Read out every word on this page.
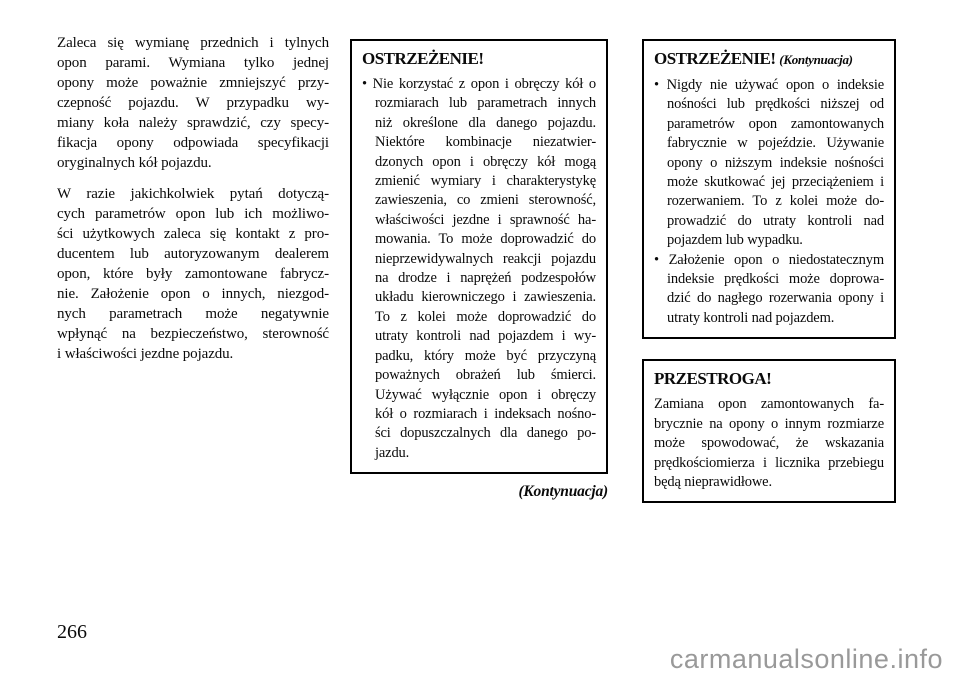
Zaleca się wymianę przednich i tylnych
opon parami. Wymiana tylko jednej
opony może poważnie zmniejszyć przy-
czepność pojazdu. W przypadku wy-
miany koła należy sprawdzić, czy specy-
fikacja opony odpowiada specyfikacji
oryginalnych kół pojazdu.
W razie jakichkolwiek pytań dotyczą-
cych parametrów opon lub ich możliwo-
ści użytkowych zaleca się kontakt z pro-
ducentem lub autoryzowanym dealerem
opon, które były zamontowane fabrycz-
nie. Założenie opon o innych, niezgod-
nych parametrach może negatywnie
wpłynąć na bezpieczeństwo, sterowność
i właściwości jezdne pojazdu.
OSTRZEŻENIE!
• Nie korzystać z opon i obręczy kół o
rozmiarach lub parametrach innych
niż określone dla danego pojazdu.
Niektóre kombinacje niezatwier-
dzonych opon i obręczy kół mogą
zmienić wymiary i charakterystykę
zawieszenia, co zmieni sterowność,
właściwości jezdne i sprawność ha-
mowania. To może doprowadzić do
nieprzewidywalnych reakcji pojazdu
na drodze i naprężeń podzespołów
układu kierowniczego i zawieszenia.
To z kolei może doprowadzić do
utraty kontroli nad pojazdem i wy-
padku, który może być przyczyną
poważnych obrażeń lub śmierci.
Używać wyłącznie opon i obręczy
kół o rozmiarach i indeksach nośno-
ści dopuszczalnych dla danego po-
jazdu.
(Kontynuacja)
OSTRZEŻENIE! (Kontynuacja)
• Nigdy nie używać opon o indeksie
nośności lub prędkości niższej od
parametrów opon zamontowanych
fabrycznie w pojeździe. Używanie
opony o niższym indeksie nośności
może skutkować jej przeciążeniem i
rozerwaniem. To z kolei może do-
prowadzić do utraty kontroli nad
pojazdem lub wypadku.
• Założenie opon o niedostatecznym
indeksie prędkości może doprowa-
dzić do nagłego rozerwania opony i
utraty kontroli nad pojazdem.
PRZESTROGA!
Zamiana opon zamontowanych fa-
brycznie na opony o innym rozmiarze
może spowodować, że wskazania
prędkościomierza i licznika przebiegu
będą nieprawidłowe.
266
carmanualsonline.info
